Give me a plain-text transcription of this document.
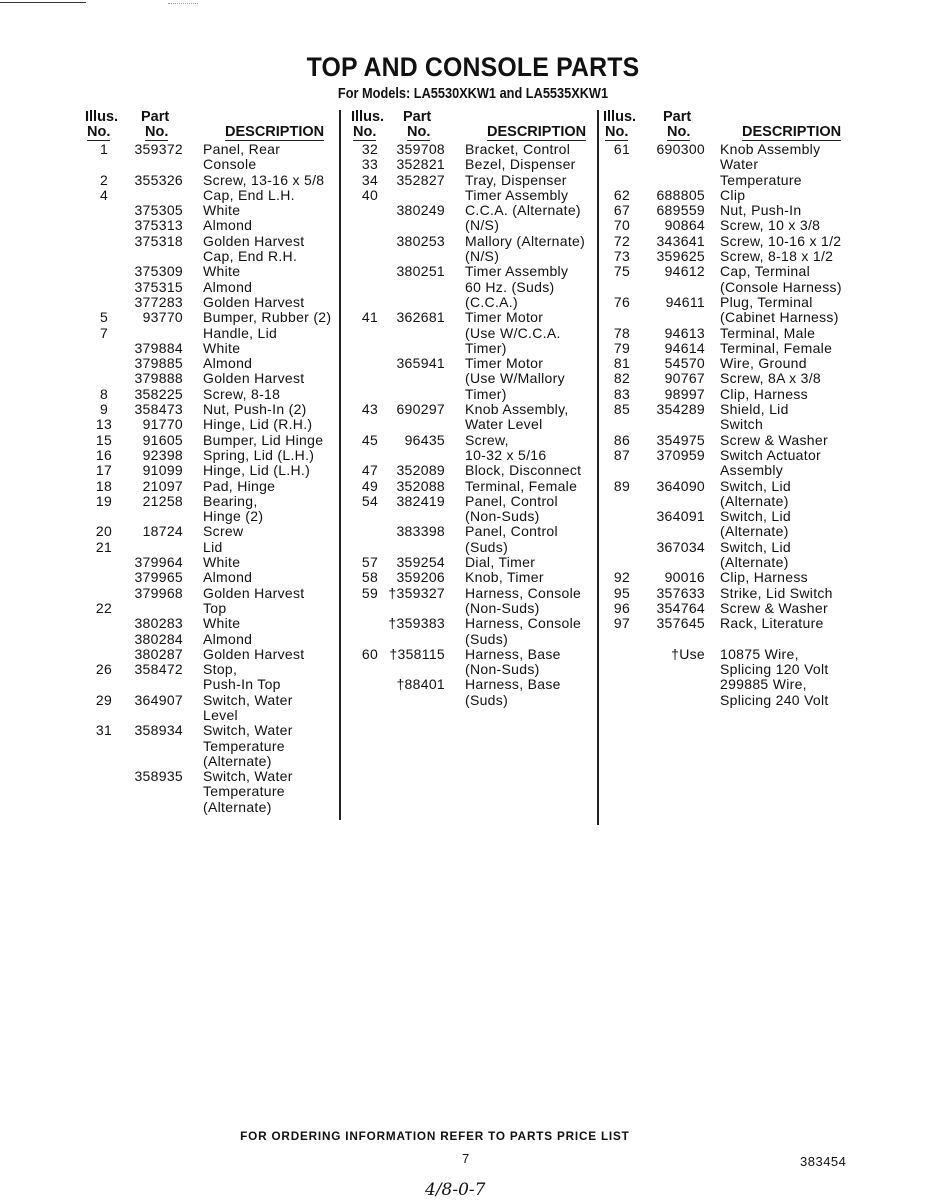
TOP AND CONSOLE PARTS
For Models: LA5530XKW1 and LA5535XKW1
Illus.
No.
Part
No.	DESCRIPTION
1	359372 Panel, Rear
Console
2	355326 Screw, 13-16 x 5/8
4	Cap, End L.H.
375305 White
375313 Almond
375318 Golden Harvest
Cap, End R.H.
375309 White
375315 Almond
377283 Golden Harvest
5	93770 Bumper, Rubber (2)
7	Handle, Lid
379884 White
379885 Almond
379888 Golden Harvest
8	358225 Screw, 8-18
9	358473 Nut, Push-In (2)
13	91770 Hinge, Lid (R.H.)
15	91605 Bumper, Lid Hinge
16	92398 Spring, Lid (L.H.)
17	91099 Hinge, Lid (L.H.)
18	21097 Pad, Hinge
19	21258 Bearing,
Hinge (2)
20	18724 Screw
21	Lid
379964 White
379965 Almond
379968 Golden Harvest
22	Top
380283 White
380284 Almond
380287 Golden Harvest
26	358472 Stop,
Push-In Top
29	364907 Switch, Water
Level
31	358934 Switch, Water
Temperature
(Alternate)
358935 Switch, Water
Temperature
(Alternate)
Illus.
No.
Part
No.	DESCRIPTION
32	359708 Bracket, Control
33	352821 Bezel, Dispenser
34	352827 Tray, Dispenser
40	Timer Assembly
380249 C.C.A. (Alternate)
(N/S)
380253 Mallory (Alternate)
(N/S)
380251 Timer Assembly
60 Hz. (Suds)
(C.C.A.)
41	362681 Timer Motor
(Use W/C.C.A.
Timer)
365941 Timer Motor
(Use W/Mallory
Timer)
43	690297 Knob Assembly,
Water Level
45	96435 Screw,
10-32 x 5/16
47	352089 Block, Disconnect
49	352088 Terminal, Female
54	382419 Panel, Control
(Non-Suds)
383398 Panel, Control
(Suds)
57	359254 Dial, Timer
58	359206 Knob, Timer
59 †359327 Harness, Console
(Non-Suds)
†359383 Harness, Console
(Suds)
60 †358115 Harness, Base
(Non-Suds)
†88401 Harness, Base
(Suds)
Illus.
No.
Part
No.	DESCRIPTION
61	690300 Knob Assembly
Water
Temperature
62	688805 Clip
67	689559 Nut, Push-In
70	90864 Screw, 10 x 3/8
72	343641 Screw, 10-16 x 1/2
73	359625 Screw, 8-18 x 1/2
75	94612 Cap, Terminal
(Console Harness)
76	94611 Plug, Terminal
(Cabinet Harness)
78	94613 Terminal, Male
79	94614 Terminal, Female
81	54570 Wire, Ground
82	90767 Screw, 8A x 3/8
83	98997 Clip, Harness
85	354289 Shield, Lid
Switch
86	354975 Screw & Washer
87	370959 Switch Actuator
Assembly
89	364090 Switch, Lid
(Alternate)
364091 Switch, Lid
(Alternate)
367034 Switch, Lid
(Alternate)
92	90016 Clip, Harness
95	357633 Strike, Lid Switch
96	354764 Screw & Washer
97	357645 Rack, Literature
†Use 10875 Wire,
Splicing 120 Volt
299885 Wire,
Splicing 240 Volt
FOR ORDERING INFORMATION REFER TO PARTS PRICE LIST
7	383454
4/8-0-7
